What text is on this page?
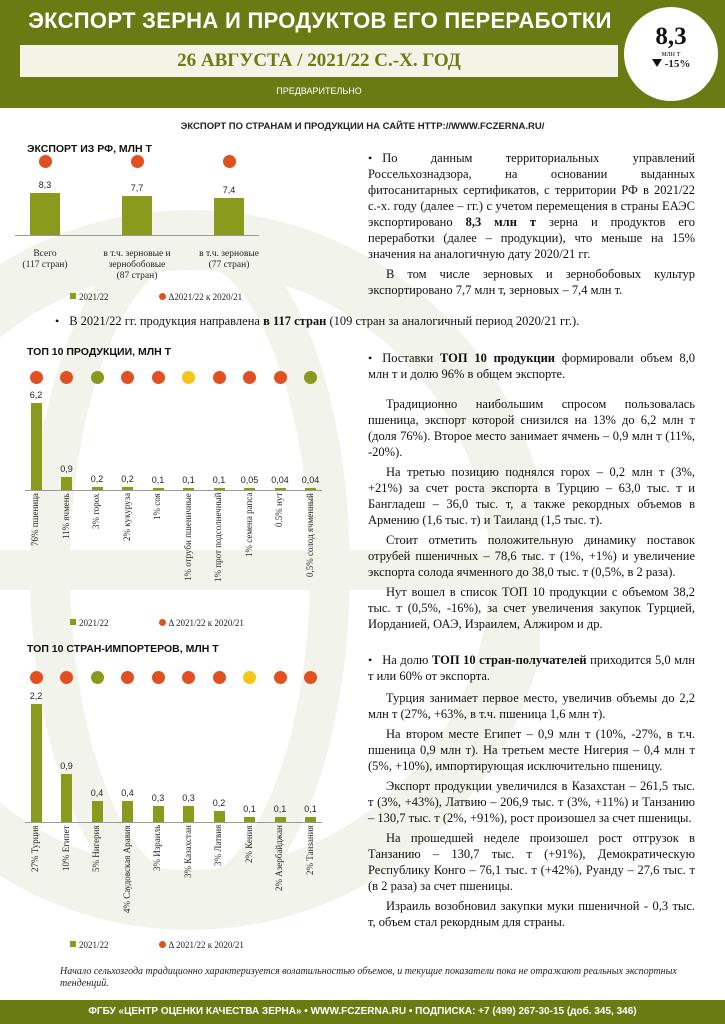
ЭКСПОРТ ЗЕРНА И ПРОДУКТОВ ЕГО ПЕРЕРАБОТКИ
26 АВГУСТА / 2021/22 С.-Х. ГОД
ПРЕДВАРИТЕЛЬНО
8,3
млн т
-15%
ЭКСПОРТ ПО СТРАНАМ И ПРОДУКЦИИ НА САЙТЕ HTTP://WWW.FCZERNA.RU/
ЭКСПОРТ ИЗ РФ, МЛН Т
ТОП 10 ПРОДУКЦИИ, МЛН Т
ТОП 10 СТРАН-ИМПОРТЕРОВ, МЛН Т
8,3
Всего
(117 стран)
7,7
в т.ч. зерновые и
зернобобовые
(87 стран)
7,4
в т.ч. зерновые
(77 стран)
2021/22	Δ2021/22 к 2020/21
6,2
76% пшеница
0,9
11% ячмень
0,2
3% горох
0,2
2% кукуруза
0,1
1% соя
0,1
1% отруби пшеничные
0,1
1% прот подсолнечный
0,05
1% семена рапса
0,04
0.5% нут
0,04
0,5% солод ячменный
2021/22	Δ 2021/22 к 2020/21
2,2
27% Турция
0,9
10% Египет
0,4
5% Нигерия
0,4
4% Саудовская Аравия
0,3
3% Израиль
0,3
3% Казахстан
0,2
3% Латвия
0,1
2% Кения
0,1
2% Азербайджан
0,1
2% Танзания
2021/22	Δ 2021/22 к 2020/21

• По данным территориальных управлений Россельхознадзора, на основании выданных фитосанитарных сертификатов, с территории РФ в 2021/22 с.-х. году (далее – гг.) с учетом перемещения в страны ЕАЭС экспортировано 8,3 млн т зерна и продуктов его переработки (далее – продукции), что меньше на 15% значения на аналогичную дату 2020/21 гг.

В том числе зерновых и зернобобовых культур экспортировано 7,7 млн т, зерновых – 7,4 млн т.

• В 2021/22 гг. продукция направлена в 117 стран (109 стран за аналогичный период 2020/21 гг.).

• Поставки ТОП 10 продукции формировали объем 8,0 млн т и долю 96% в общем экспорте.

Традиционно наибольшим спросом пользовалась пшеница, экспорт которой снизился на 13% до 6,2 млн т (доля 76%). Второе место занимает ячмень – 0,9 млн т (11%, -20%).

На третью позицию поднялся горох – 0,2 млн т (3%, +21%) за счет роста экспорта в Турцию – 63,0 тыс. т и Бангладеш – 36,0 тыс. т, а также рекордных объемов в Армению (1,6 тыс. т) и Таиланд (1,5 тыс. т).

Стоит отметить положительную динамику поставок отрубей пшеничных – 78,6 тыс. т (1%, +1%) и увеличение экспорта солода ячменного до 38,0 тыс. т (0,5%, в 2 раза).

Нут вошел в список ТОП 10 продукции с объемом 38,2 тыс. т (0,5%, -16%), за счет увеличения закупок Турцией, Иорданией, ОАЭ, Израилем, Алжиром и др.

• На долю ТОП 10 стран-получателей приходится 5,0 млн т или 60% от экспорта.

Турция занимает первое место, увеличив объемы до 2,2 млн т (27%, +63%, в т.ч. пшеница 1,6 млн т).

На втором месте Египет – 0,9 млн т (10%, -27%, в т.ч. пшеница 0,9 млн т). На третьем месте Нигерия – 0,4 млн т (5%, +10%), импортирующая исключительно пшеницу.

Экспорт продукции увеличился в Казахстан – 261,5 тыс. т (3%, +43%), Латвию – 206,9 тыс. т (3%, +11%) и Танзанию – 130,7 тыс. т (2%, +91%), рост произошел за счет пшеницы.

На прошедшей неделе произошел рост отгрузок в Танзанию – 130,7 тыс. т (+91%), Демократическую Республику Конго – 76,1 тыс. т (+42%), Руанду – 27,6 тыс. т (в 2 раза) за счет пшеницы.

Израиль возобновил закупки муки пшеничной - 0,3 тыс. т, объем стал рекордным для страны.

Начало сельхозгода традиционно характеризуется волатильностью объемов, и текущие показатели пока не отражают реальных экспортных тенденций.
ФГБУ «ЦЕНТР ОЦЕНКИ КАЧЕСТВА ЗЕРНА» • WWW.FCZERNA.RU • ПОДПИСКА: +7 (499) 267-30-15 (доб. 345, 346)
